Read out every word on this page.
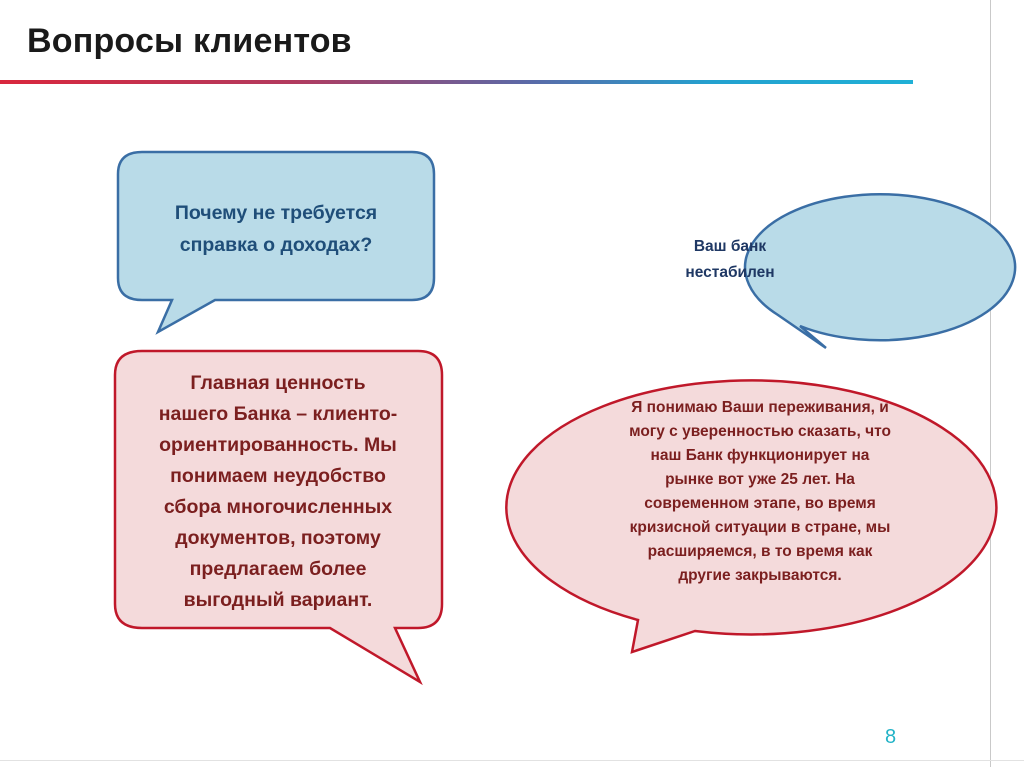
Вопросы клиентов
Почему не требуется
справка о доходах?	Ваш банк
нестабилен
Главная ценность
нашего Банка – клиенто-
ориентированность. Мы
понимаем неудобство
сбора многочисленных
документов, поэтому
предлагаем более
выгодный вариант.
Я понимаю Ваши переживания, и
могу с уверенностью сказать, что
наш Банк функционирует на
рынке вот уже 25 лет. На
современном этапе, во время
кризисной ситуации в стране, мы
расширяемся, в то время как
другие закрываются.

8
